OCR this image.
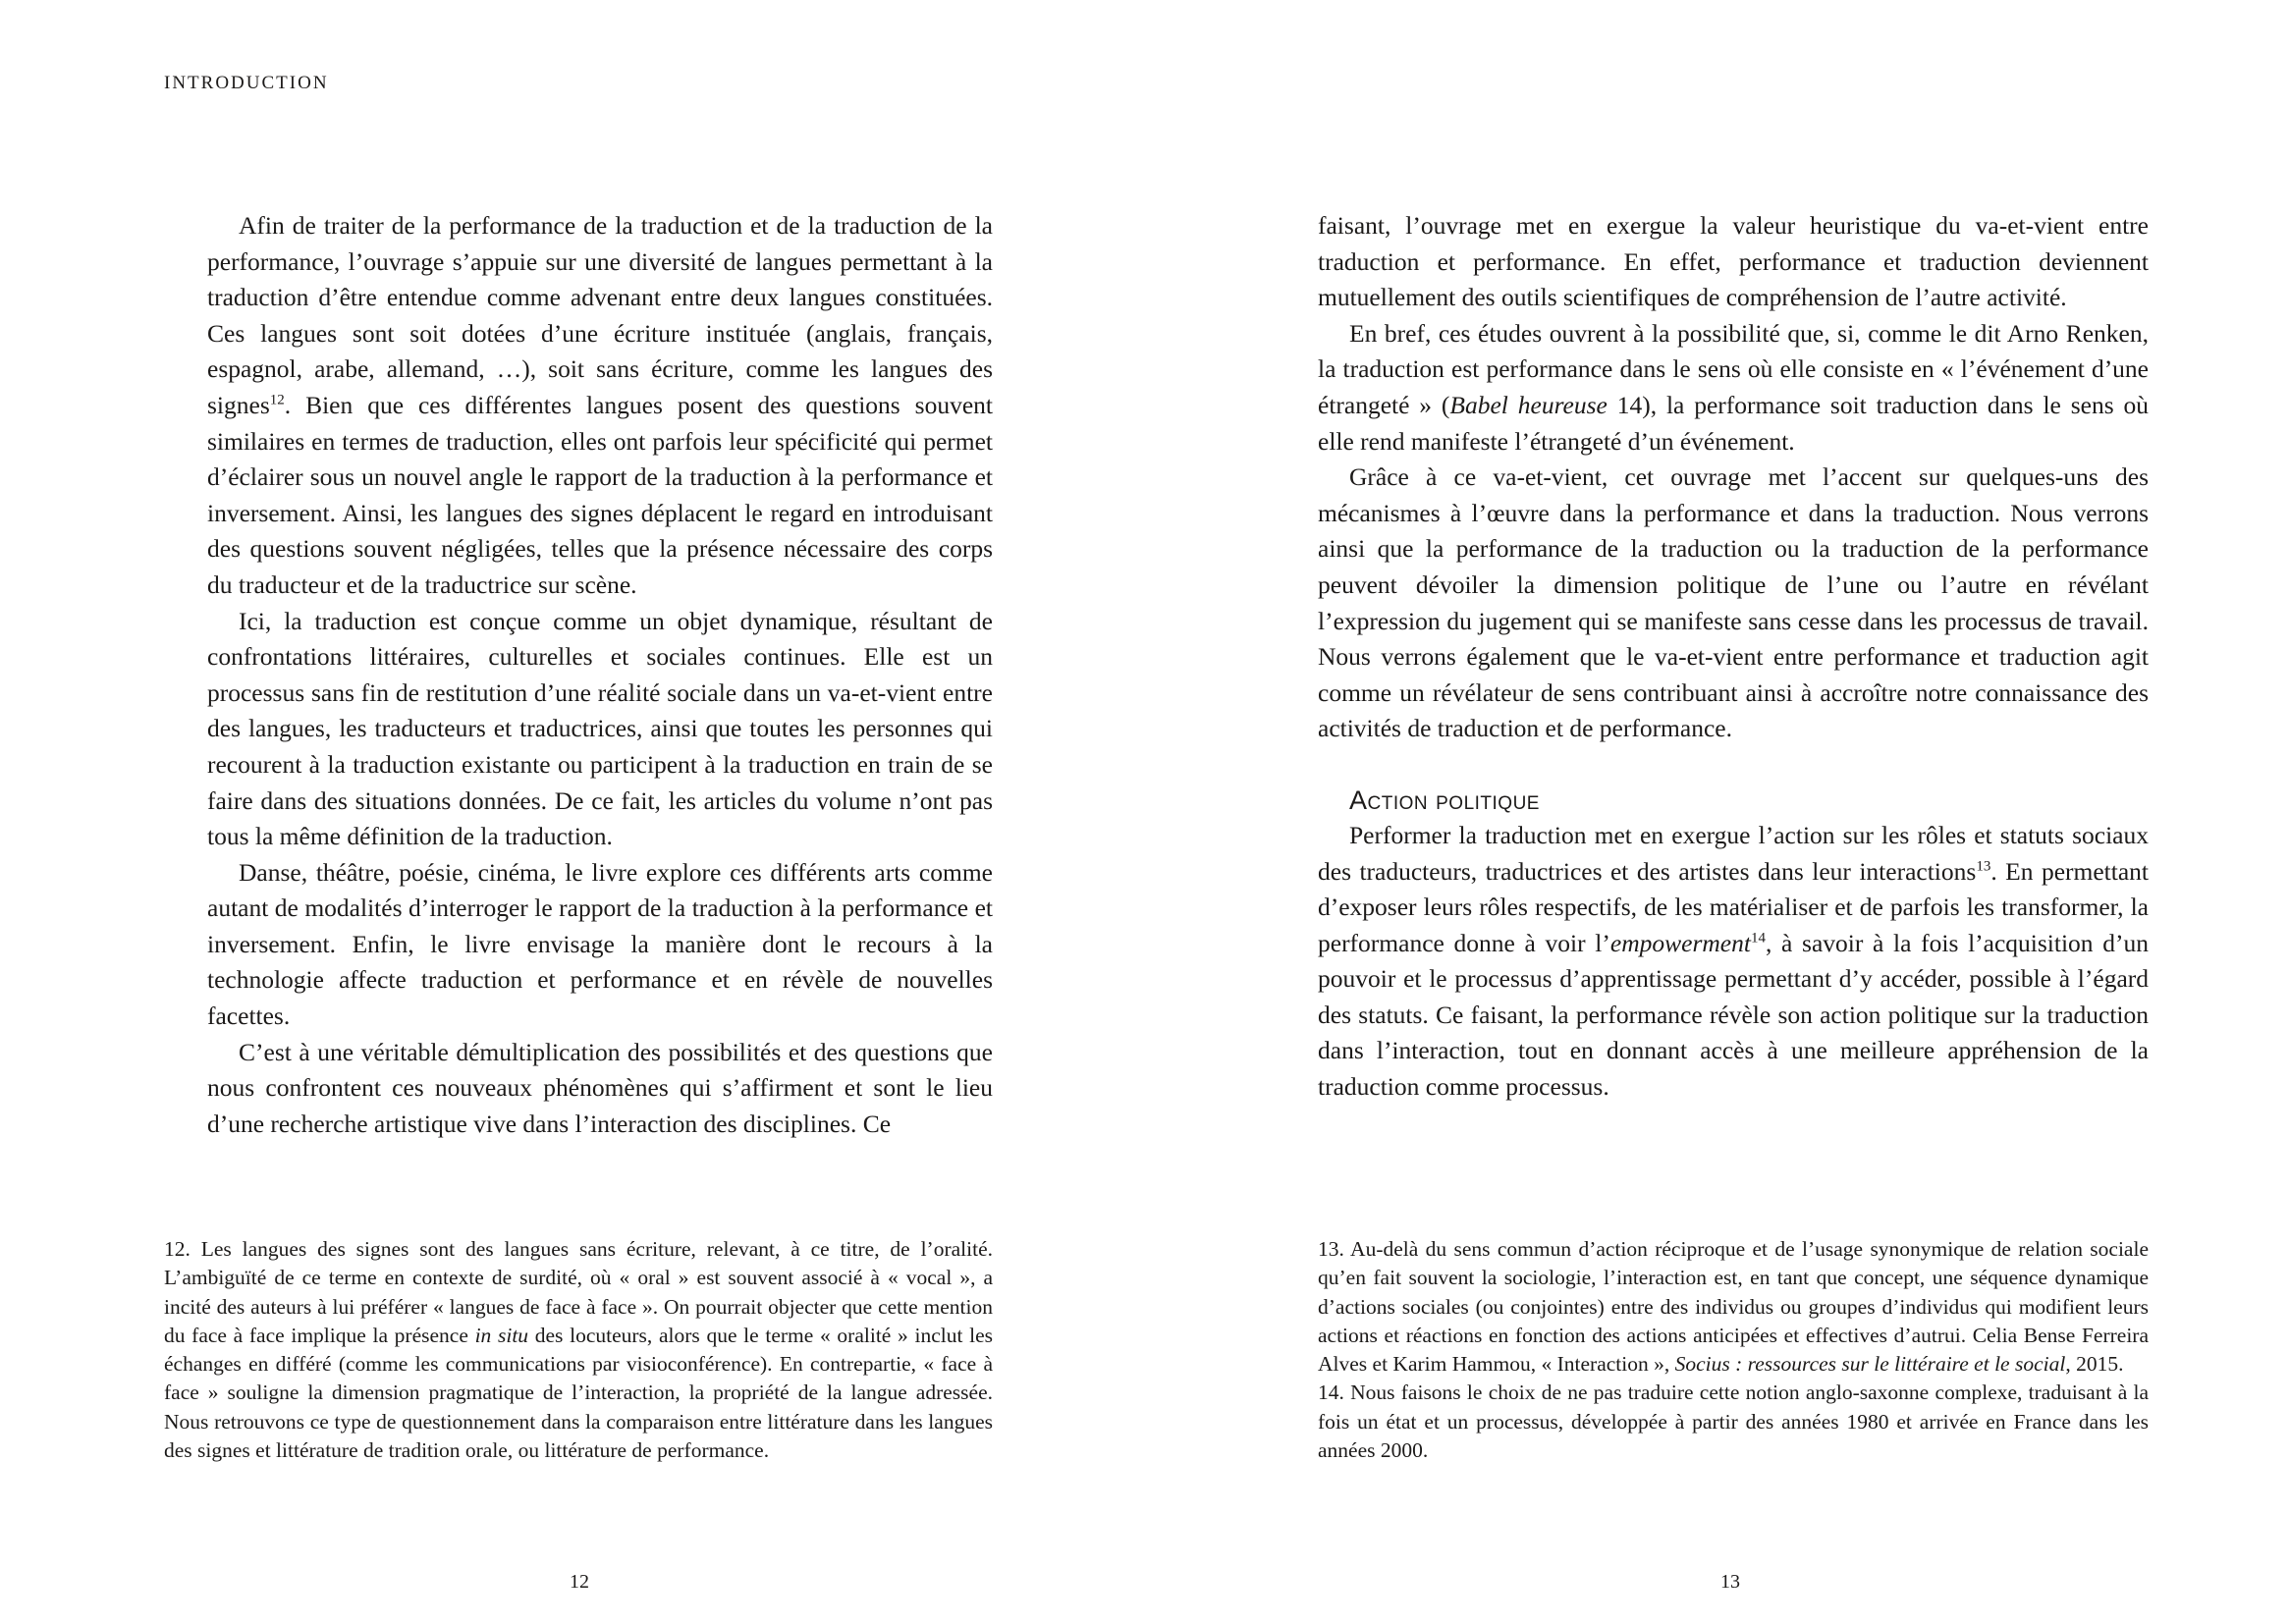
INTRODUCTION

Afin de traiter de la performance de la traduction et de la traduction de la performance, l’ouvrage s’appuie sur une diversité de langues permettant à la traduction d’être entendue comme advenant entre deux langues constituées. Ces langues sont soit dotées d’une écriture instituée (anglais, français, espagnol, arabe, allemand, …), soit sans écriture, comme les langues des signes$^{12}$. Bien que ces différentes langues posent des questions souvent similaires en termes de traduction, elles ont parfois leur spécificité qui permet d’éclairer sous un nouvel angle le rapport de la traduction à la performance et inversement. Ainsi, les langues des signes déplacent le regard en introduisant des questions souvent négligées, telles que la présence nécessaire des corps du traducteur et de la traductrice sur scène.

Ici, la traduction est conçue comme un objet dynamique, résultant de confrontations littéraires, culturelles et sociales continues. Elle est un processus sans fin de restitution d’une réalité sociale dans un va-et-vient entre des langues, les traducteurs et traductrices, ainsi que toutes les personnes qui recourent à la traduction existante ou participent à la traduction en train de se faire dans des situations données. De ce fait, les articles du volume n’ont pas tous la même définition de la traduction.

Danse, théâtre, poésie, cinéma, le livre explore ces différents arts comme autant de modalités d’interroger le rapport de la traduction à la performance et inversement. Enfin, le livre envisage la manière dont le recours à la technologie affecte traduction et performance et en révèle de nouvelles facettes.

C’est à une véritable démultiplication des possibilités et des questions que nous confrontent ces nouveaux phénomènes qui s’affirment et sont le lieu d’une recherche artistique vive dans l’interaction des disciplines. Ce

faisant, l’ouvrage met en exergue la valeur heuristique du va-et-vient entre traduction et performance. En effet, performance et traduction deviennent mutuellement des outils scientifiques de compréhension de l’autre activité.

En bref, ces études ouvrent à la possibilité que, si, comme le dit Arno Renken, la traduction est performance dans le sens où elle consiste en « l’événement d’une étrangeté » (Babel heureuse 14), la performance soit traduction dans le sens où elle rend manifeste l’étrangeté d’un événement.

Grâce à ce va-et-vient, cet ouvrage met l’accent sur quelques-uns des mécanismes à l’œuvre dans la performance et dans la traduction. Nous verrons ainsi que la performance de la traduction ou la traduction de la performance peuvent dévoiler la dimension politique de l’une ou l’autre en révélant l’expression du jugement qui se manifeste sans cesse dans les processus de travail. Nous verrons également que le va-et-vient entre performance et traduction agit comme un révélateur de sens contribuant ainsi à accroître notre connaissance des activités de traduction et de performance.

Action politique

Performer la traduction met en exergue l’action sur les rôles et statuts sociaux des traducteurs, traductrices et des artistes dans leur interactions$^{13}$. En permettant d’exposer leurs rôles respectifs, de les matérialiser et de parfois les transformer, la performance donne à voir l’empowerment$^{14}$, à savoir à la fois l’acquisition d’un pouvoir et le processus d’apprentissage permettant d’y accéder, possible à l’égard des statuts. Ce faisant, la performance révèle son action politique sur la traduction dans l’interaction, tout en donnant accès à une meilleure appréhension de la traduction comme processus.

12. Les langues des signes sont des langues sans écriture, relevant, à ce titre, de l’oralité. L’ambiguïté de ce terme en contexte de surdité, où « oral » est souvent associé à « vocal », a incité des auteurs à lui préférer « langues de face à face ». On pourrait objecter que cette mention du face à face implique la présence in situ des locuteurs, alors que le terme « oralité » inclut les échanges en différé (comme les communications par visioconférence). En contrepartie, « face à face » souligne la dimension pragmatique de l’interaction, la propriété de la langue adressée. Nous retrouvons ce type de questionnement dans la comparaison entre littérature dans les langues des signes et littérature de tradition orale, ou littérature de performance.

13. Au-delà du sens commun d’action réciproque et de l’usage synonymique de relation sociale qu’en fait souvent la sociologie, l’interaction est, en tant que concept, une séquence dynamique d’actions sociales (ou conjointes) entre des individus ou groupes d’individus qui modifient leurs actions et réactions en fonction des actions anticipées et effectives d’autrui. Celia Bense Ferreira Alves et Karim Hammou, « Interaction », Socius : ressources sur le littéraire et le social, 2015.

14. Nous faisons le choix de ne pas traduire cette notion anglo-saxonne complexe, traduisant à la fois un état et un processus, développée à partir des années 1980 et arrivée en France dans les années 2000.

12	13
